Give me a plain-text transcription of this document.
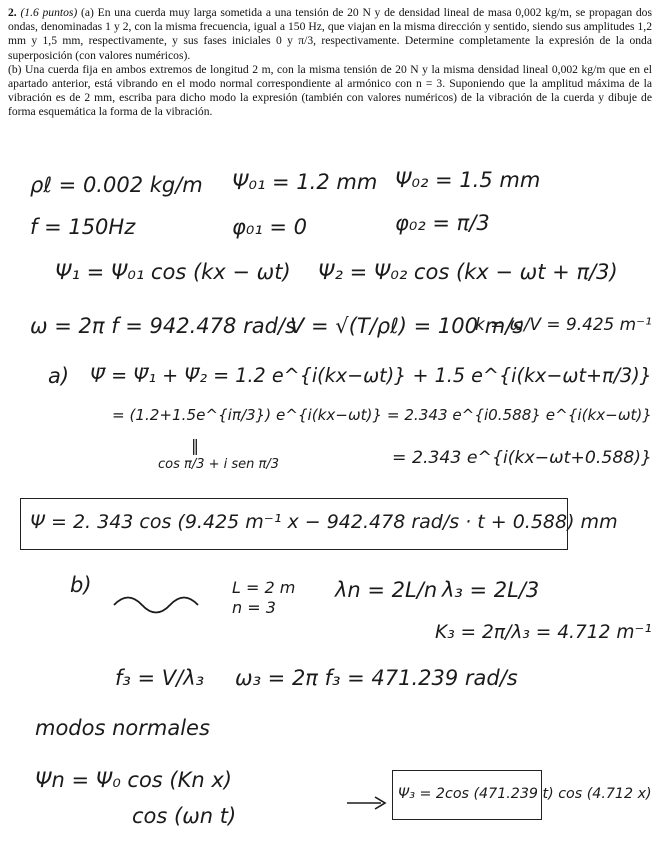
2. (1.6 puntos) (a) En una cuerda muy larga sometida a una tensión de 20 N y de densidad lineal de masa 0,002 kg/m, se propagan dos ondas, denominadas 1 y 2, con la misma frecuencia, igual a 150 Hz, que viajan en la misma dirección y sentido, siendo sus amplitudes 1,2 mm y 1,5 mm, respectivamente, y sus fases iniciales 0 y π/3, respectivamente. Determine completamente la expresión de la onda superposición (con valores numéricos).

(b) Una cuerda fija en ambos extremos de longitud 2 m, con la misma tensión de 20 N y la misma densidad lineal 0,002 kg/m que en el apartado anterior, está vibrando en el modo normal correspondiente al armónico con n = 3. Suponiendo que la amplitud máxima de la vibración es de 2 mm, escriba para dicho modo la expresión (también con valores numéricos) de la vibración de la cuerda y dibuje de forma esquemática la forma de la vibración.

ρℓ = 0.002 kg/m Ψ₀₁ = 1.2 mm Ψ₀₂ = 1.5 mm
f = 150Hz	φ₀₁ = 0	φ₀₂ = π/3
Ψ₁ = Ψ₀₁ cos (kx − ωt) Ψ₂ = Ψ₀₂ cos (kx − ωt + π/3)
ω = 2π f = 942.478 rad/s
V = √(T/ρℓ) = 100 m/s
k = ω/V = 9.425 m⁻¹
a) Ψ̄ = Ψ̄₁ + Ψ̄₂ = 1.2 e^{i(kx−ωt)} + 1.5 e^{i(kx−ωt+π/3)}
= (1.2+1.5e^{iπ/3}) e^{i(kx−ωt)} = 2.343 e^{i0.588} e^{i(kx−ωt)}
‖
cos π/3 + i sen π/3	= 2.343 e^{i(kx−ωt+0.588)}
Ψ = 2. 343 cos (9.425 m⁻¹ x − 942.478 rad/s · t + 0.588) mm
b)	L = 2 m
n = 3
λn = 2L/n λ₃ = 2L/3
K₃ = 2π/λ₃ = 4.712 m⁻¹
f₃ = V/λ₃ ω₃ = 2π f₃ = 471.239 rad/s
modos normales
Ψn = Ψ₀ cos (Kn x)
cos (ωn t)
Ψ₃ = 2cos (471.239 t) cos (4.712 x)
